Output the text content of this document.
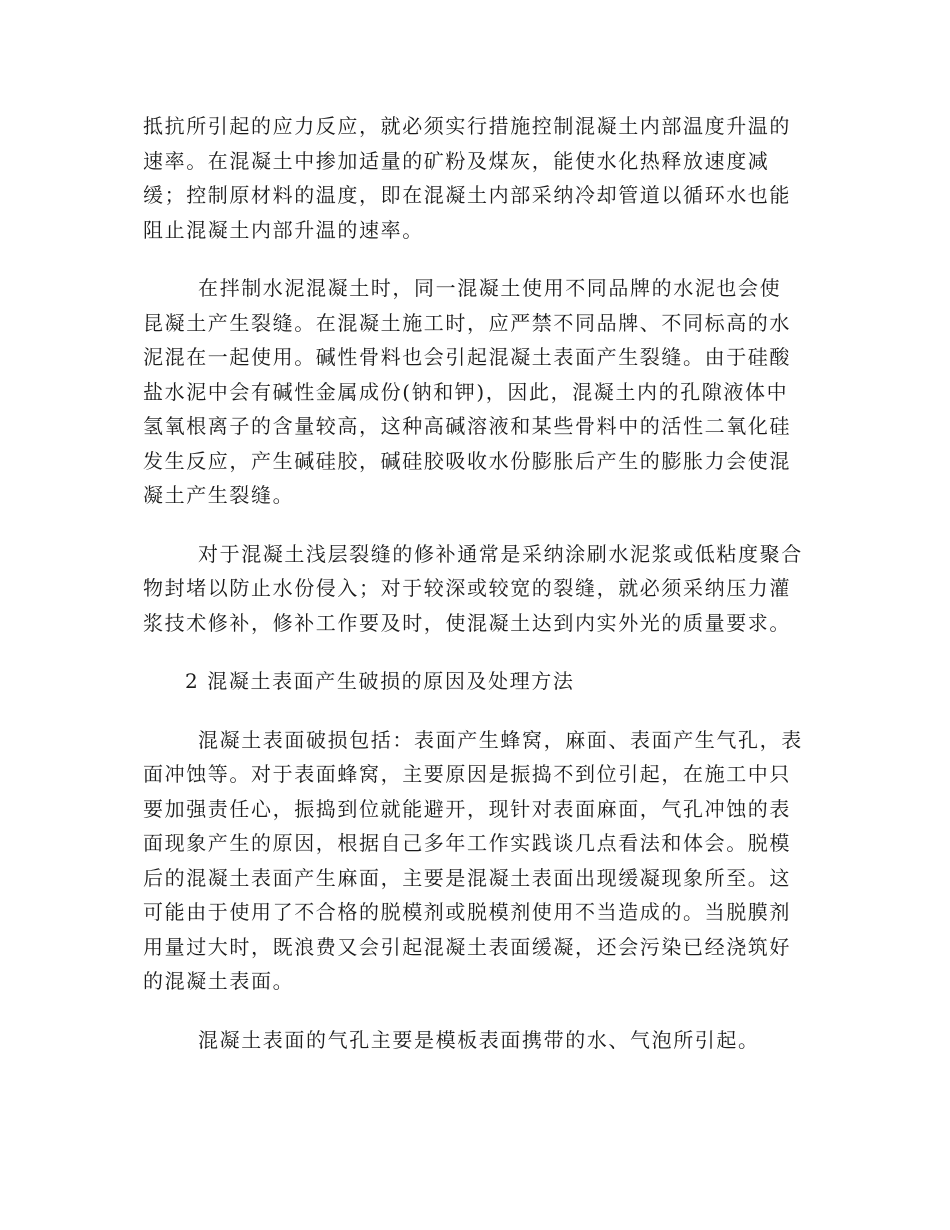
抵抗所引起的应力反应，就必须实行措施控制混凝土内部温度升温的
速率。在混凝土中掺加适量的矿粉及煤灰，能使水化热释放速度减
缓；控制原材料的温度，即在混凝土内部采纳冷却管道以循环水也能
阻止混凝土内部升温的速率。
在拌制水泥混凝土时，同一混凝土使用不同品牌的水泥也会使
昆凝土产生裂缝。在混凝土施工时，应严禁不同品牌、不同标高的水
泥混在一起使用。碱性骨料也会引起混凝土表面产生裂缝。由于硅酸
盐水泥中会有碱性金属成份(钠和钾)，因此，混凝土内的孔隙液体中
氢氧根离子的含量较高，这种高碱溶液和某些骨料中的活性二氧化硅
发生反应，产生碱硅胶，碱硅胶吸收水份膨胀后产生的膨胀力会使混
凝土产生裂缝。
对于混凝土浅层裂缝的修补通常是采纳涂刷水泥浆或低粘度聚合
物封堵以防止水份侵入；对于较深或较宽的裂缝，就必须采纳压力灌
浆技术修补，修补工作要及时，使混凝土达到内实外光的质量要求。
2 混凝土表面产生破损的原因及处理方法
混凝土表面破损包括：表面产生蜂窝，麻面、表面产生气孔，表
面冲蚀等。对于表面蜂窝，主要原因是振捣不到位引起，在施工中只
要加强责任心，振捣到位就能避开，现针对表面麻面，气孔冲蚀的表
面现象产生的原因，根据自己多年工作实践谈几点看法和体会。脱模
后的混凝土表面产生麻面，主要是混凝土表面出现缓凝现象所至。这
可能由于使用了不合格的脱模剂或脱模剂使用不当造成的。当脱膜剂
用量过大时，既浪费又会引起混凝土表面缓凝，还会污染已经浇筑好
的混凝土表面。
混凝土表面的气孔主要是模板表面携带的水、气泡所引起。
